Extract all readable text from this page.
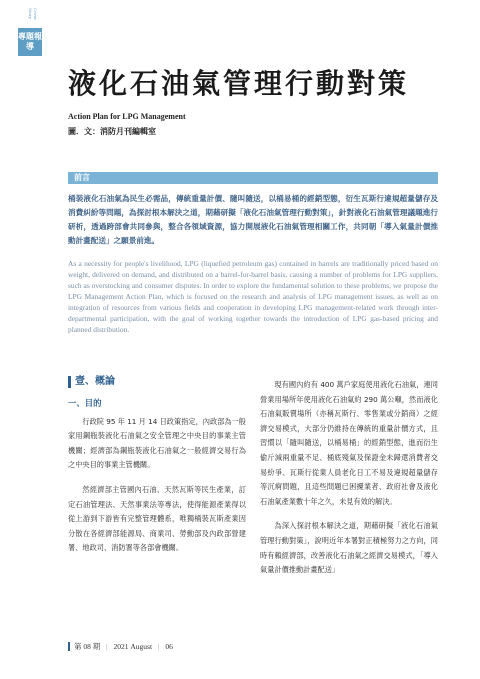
Cover Story
專題報導
液化石油氣管理行動對策
Action Plan for LPG Management
圖．文：消防月刊編輯室
前言
桶裝液化石油氣為民生必需品，傳統重量計價、隨叫隨送，以桶易桶的經銷型態，衍生瓦斯行違規超量儲存及消費糾紛等問題，為探討根本解決之道，期藉研擬「液化石油氣管理行動對策」，針對液化石油氣管理議題進行研析，透過跨部會共同參與，整合各領域資源，協力開展液化石油氣管理相關工作，共同朝「導入氣量計價推動計畫配送」之願景前進。
As a necessity for people's livelihood, LPG (liquefied petroleum gas) contained in barrels are traditionally priced based on weight, delivered on demand, and distributed on a barrel-for-barrel basis, causing a number of problems for LPG suppliers, such as overstocking and consumer disputes. In order to explore the fundamental solution to these problems, we propose the LPG Management Action Plan, which is focused on the research and analysis of LPG management issues, as well as on integration of resources from various fields and cooperation in developing LPG management-related work through inter-departmental participation, with the goal of working together towards the introduction of LPG gas-based pricing and planned distribution.
壹、概論
一、目的

行政院 95 年 11 月 14 日政策指定，內政部為一般家用鋼瓶裝液化石油氣之安全管理之中央目的事業主管機關；經濟部為鋼瓶裝液化石油氣之一般經濟交易行為之中央目的事業主管機關。

然經濟部主管國內石油、天然瓦斯等民生產業，訂定石油管理法、天然事業法等專法，使得能源產業得以從上游到下游皆有完整管理體系，唯獨桶裝瓦斯產業因分散在各經濟部能源局、商業司、勞動部及內政部營建署、地政司、消防署等各部會機關。

現有國內約有 400 萬戶家庭使用液化石油氣，連同營業用場所年使用液化石油氣約 290 萬公噸，然而液化石油氣販賣場所（亦稱瓦斯行、零售業或分銷商）之經濟交易模式，大部分仍維持在傳統的重量計價方式，且習慣以「隨叫隨送，以桶易桶」的經銷型態，進而衍生偷斤減兩重量不足、桶底殘氣及保證金未歸還消費者交易紛爭、瓦斯行從業人員老化日工不易及違規超量儲存等沉痾問題，且這些問題已困擾業者、政府社會及液化石油氣產業數十年之久，未見有效的解決。

為深入探討根本解決之道，期藉研擬「液化石油氣管理行動對策」，說明近年本署對正積極努力之方向，同時有賴經濟部，改善液化石油氣之經濟交易模式，「導入氣量計價推動計畫配送」

第 08 期 | 2021 August | 06
